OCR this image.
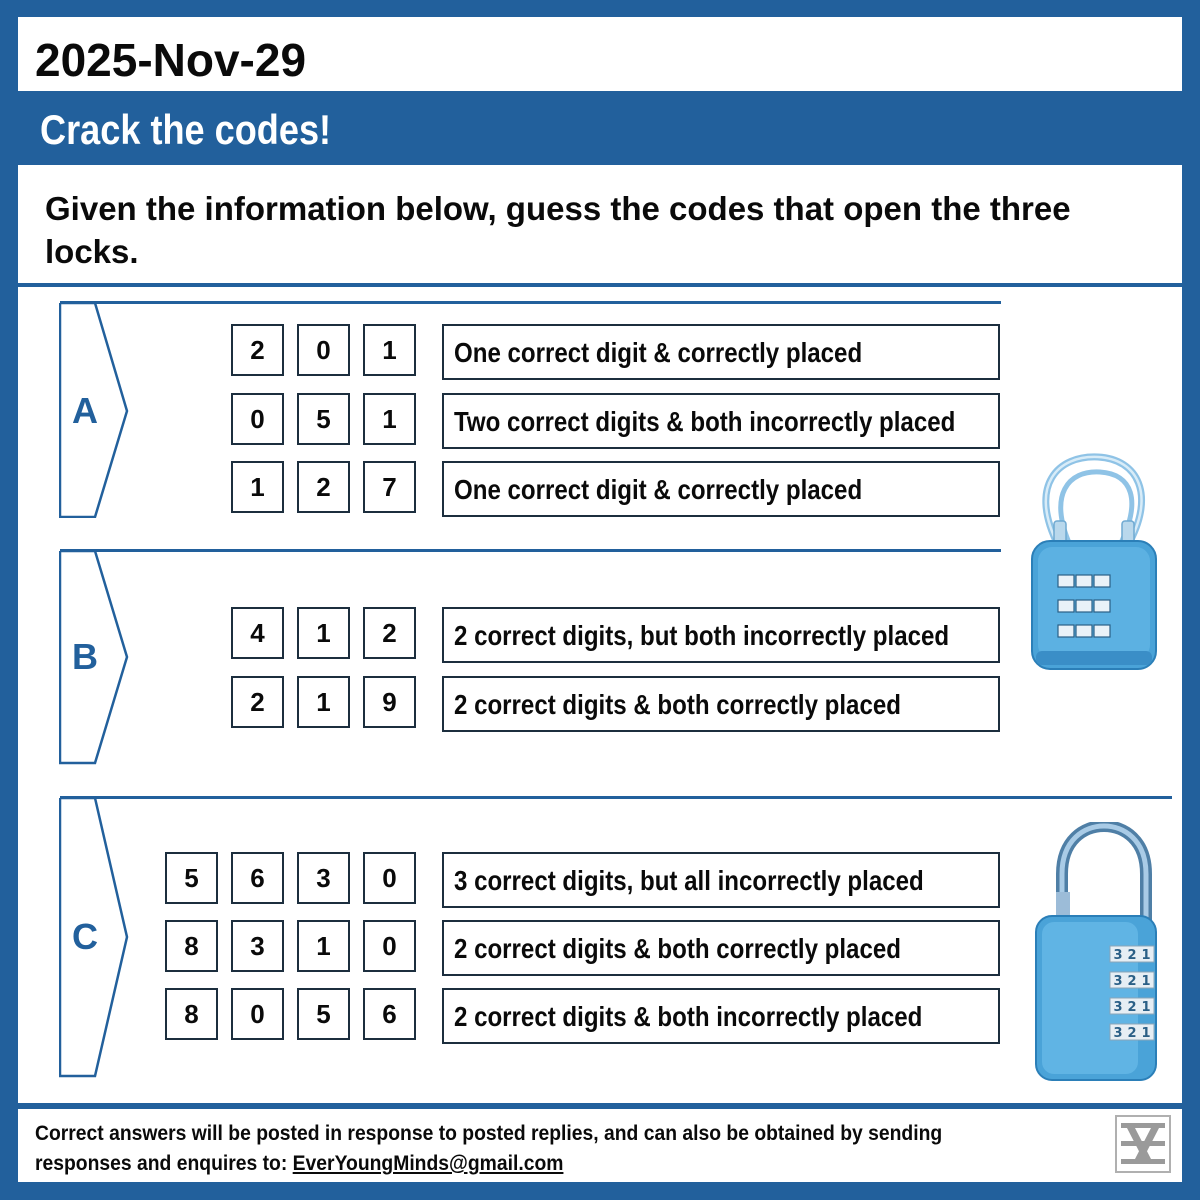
2025-Nov-29
Crack the codes!
Given the information below, guess the codes that open the three locks.
A
2	0	1	One correct digit & correctly placed
0	5	1	Two correct digits & both incorrectly placed
1	2	7	One correct digit & correctly placed
B
4	1	2	2 correct digits, but both incorrectly placed
2	1	9	2 correct digits & both correctly placed
C
5	6	3	0	3 correct digits, but all incorrectly placed
8	3	1	0	2 correct digits & both correctly placed
8	0	5	6	2 correct digits & both incorrectly placed
3 2 1
3 2 1
3 2 1
3 2 1
Correct answers will be posted in response to posted replies, and can also be obtained by sending responses and enquires to: EverYoungMinds@gmail.com
